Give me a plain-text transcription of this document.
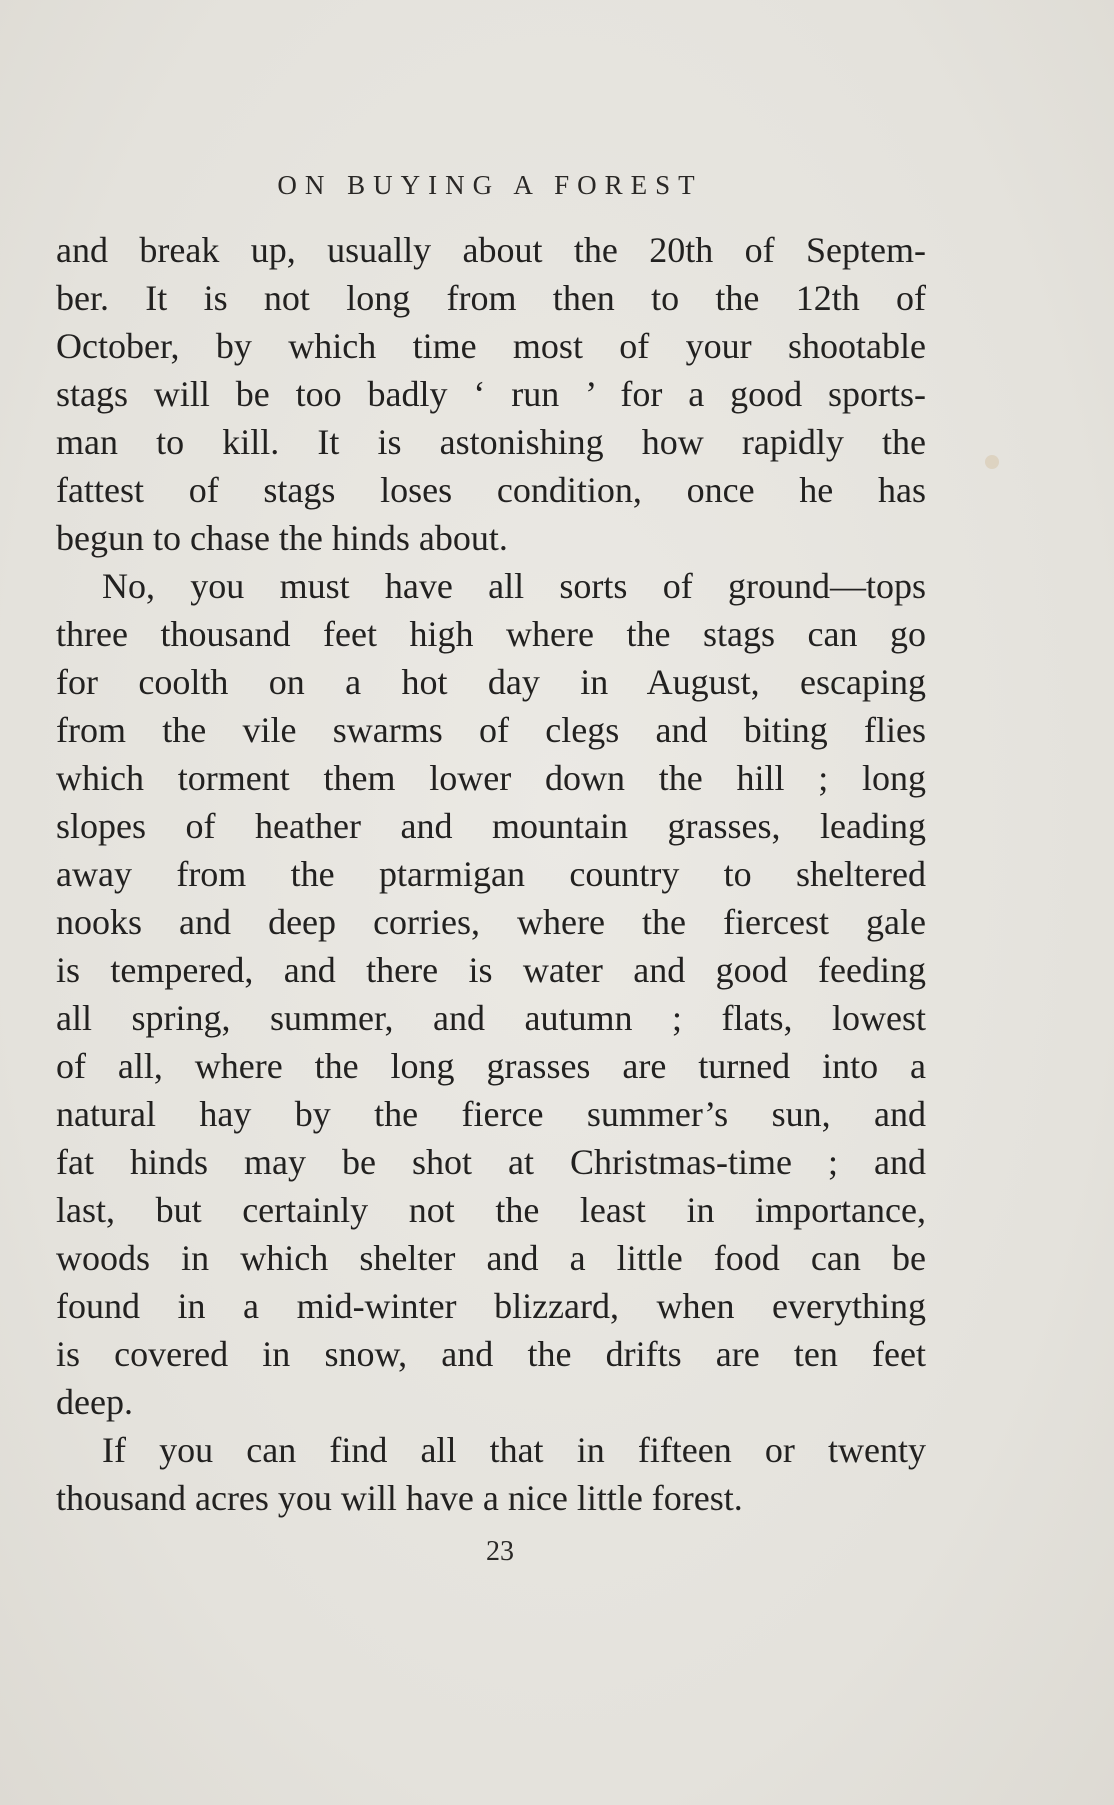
ON BUYING A FOREST
and break up, usually about the 20th of Septem-
ber. It is not long from then to the 12th of
October, by which time most of your shootable
stags will be too badly ‘ run ’ for a good sports-
man to kill. It is astonishing how rapidly the
fattest of stags loses condition, once he has
begun to chase the hinds about.
No, you must have all sorts of ground—tops
three thousand feet high where the stags can go
for coolth on a hot day in August, escaping
from the vile swarms of clegs and biting flies
which torment them lower down the hill ; long
slopes of heather and mountain grasses, leading
away from the ptarmigan country to sheltered
nooks and deep corries, where the fiercest gale
is tempered, and there is water and good feeding
all spring, summer, and autumn ; flats, lowest
of all, where the long grasses are turned into a
natural hay by the fierce summer’s sun, and
fat hinds may be shot at Christmas-time ; and
last, but certainly not the least in importance,
woods in which shelter and a little food can be
found in a mid-winter blizzard, when everything
is covered in snow, and the drifts are ten feet
deep.
If you can find all that in fifteen or twenty
thousand acres you will have a nice little forest.
23
